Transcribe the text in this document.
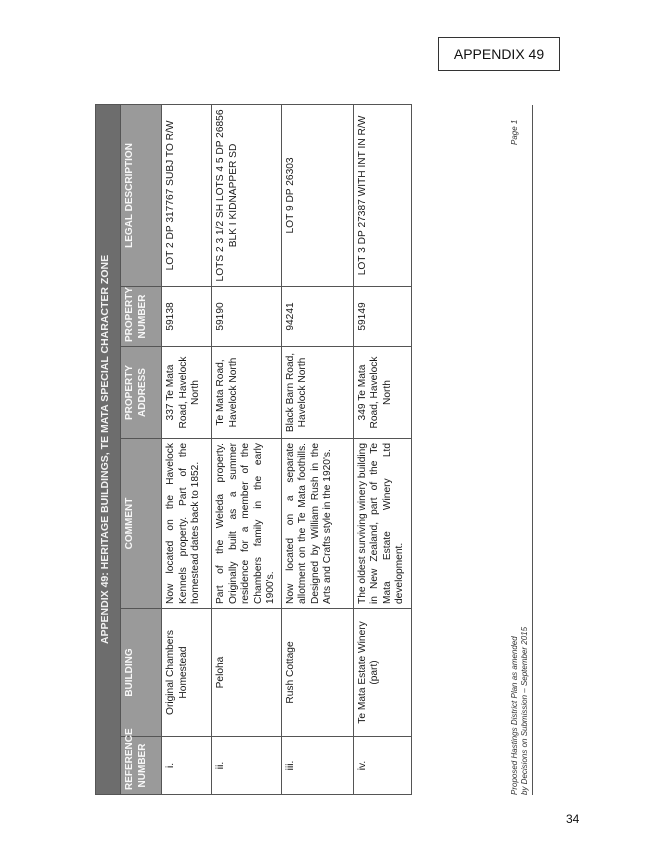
APPENDIX 49
APPENDIX 49: HERITAGE BUILDINGS, TE MATA SPECIAL CHARACTER ZONE					
REFERENCE NUMBER	BUILDING	COMMENT	PROPERTY ADDRESS	PROPERTY NUMBER	LEGAL DESCRIPTION
i.	Original Chambers Homestead	Now located on the Havelock Kennels property. Part of the homestead dates back to 1852.	337 Te Mata Road, Havelock North	59138	LOT 2 DP 317767 SUBJ TO R/W
ii.	Peloha	Part of the Weleda property. Originally built as a summer residence for a member of the Chambers family in the early 1900's.	Te Mata Road, Havelock North	59190	LOTS 2 3 1/2 SH LOTS 4 5 DP 26856 BLK I KIDNAPPER SD
iii.	Rush Cottage	Now located on a separate allotment on the Te Mata foothills. Designed by William Rush in the Arts and Crafts style in the 1920's.	Black Barn Road, Havelock North	94241	LOT 9 DP 26303
iv.	Te Mata Estate Winery (part)	The oldest surviving winery building in New Zealand, part of the Te Mata Estate Winery Ltd development.	349 Te Mata Road, Havelock North	59149	LOT 3 DP 27387 WITH INT IN R/W
Proposed Hastings District Plan as amended by Decisions on Submission – September 2015
Page 1
34
